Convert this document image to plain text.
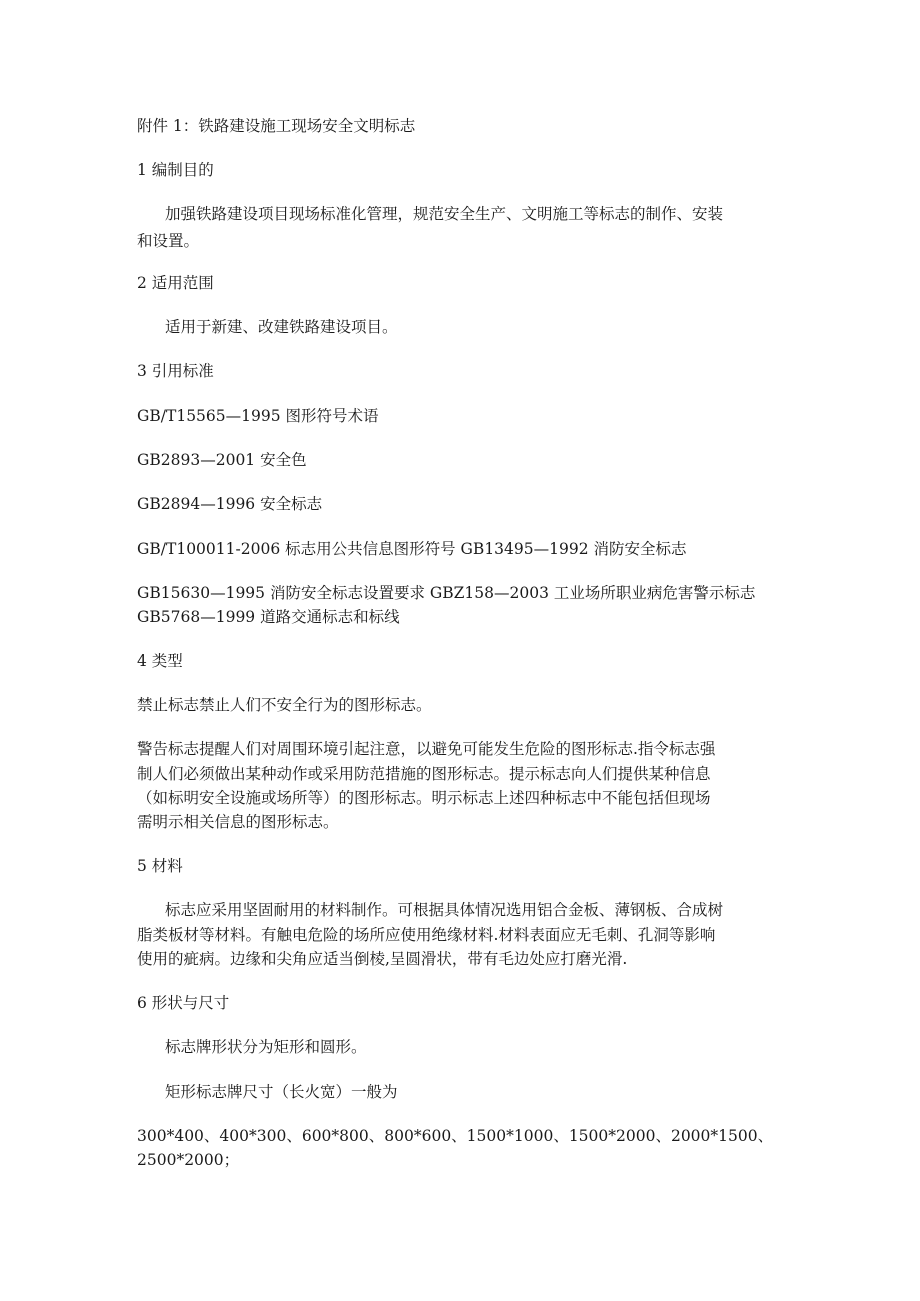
附件 1：铁路建设施工现场安全文明标志
1 编制目的
加强铁路建设项目现场标准化管理，规范安全生产、文明施工等标志的制作、安装
和设置。
2 适用范围
适用于新建、改建铁路建设项目。
3 引用标准
GB/T15565—1995 图形符号术语
GB2893—2001 安全色
GB2894—1996 安全标志
GB/T100011-2006 标志用公共信息图形符号 GB13495—1992 消防安全标志
GB15630—1995 消防安全标志设置要求 GBZ158—2003 工业场所职业病危害警示标志
GB5768—1999 道路交通标志和标线
4 类型
禁止标志禁止人们不安全行为的图形标志。
警告标志提醒人们对周围环境引起注意，以避免可能发生危险的图形标志.指令标志强
制人们必须做出某种动作或采用防范措施的图形标志。提示标志向人们提供某种信息
（如标明安全设施或场所等）的图形标志。明示标志上述四种标志中不能包括但现场
需明示相关信息的图形标志。
5 材料
标志应采用坚固耐用的材料制作。可根据具体情况选用铝合金板、薄钢板、合成树
脂类板材等材料。有触电危险的场所应使用绝缘材料.材料表面应无毛刺、孔洞等影响
使用的疵病。边缘和尖角应适当倒棱,呈圆滑状，带有毛边处应打磨光滑.
6 形状与尺寸
标志牌形状分为矩形和圆形。
矩形标志牌尺寸（长火宽）一般为
300*400、400*300、600*800、800*600、1500*1000、1500*2000、2000*1500、
2500*2000；
